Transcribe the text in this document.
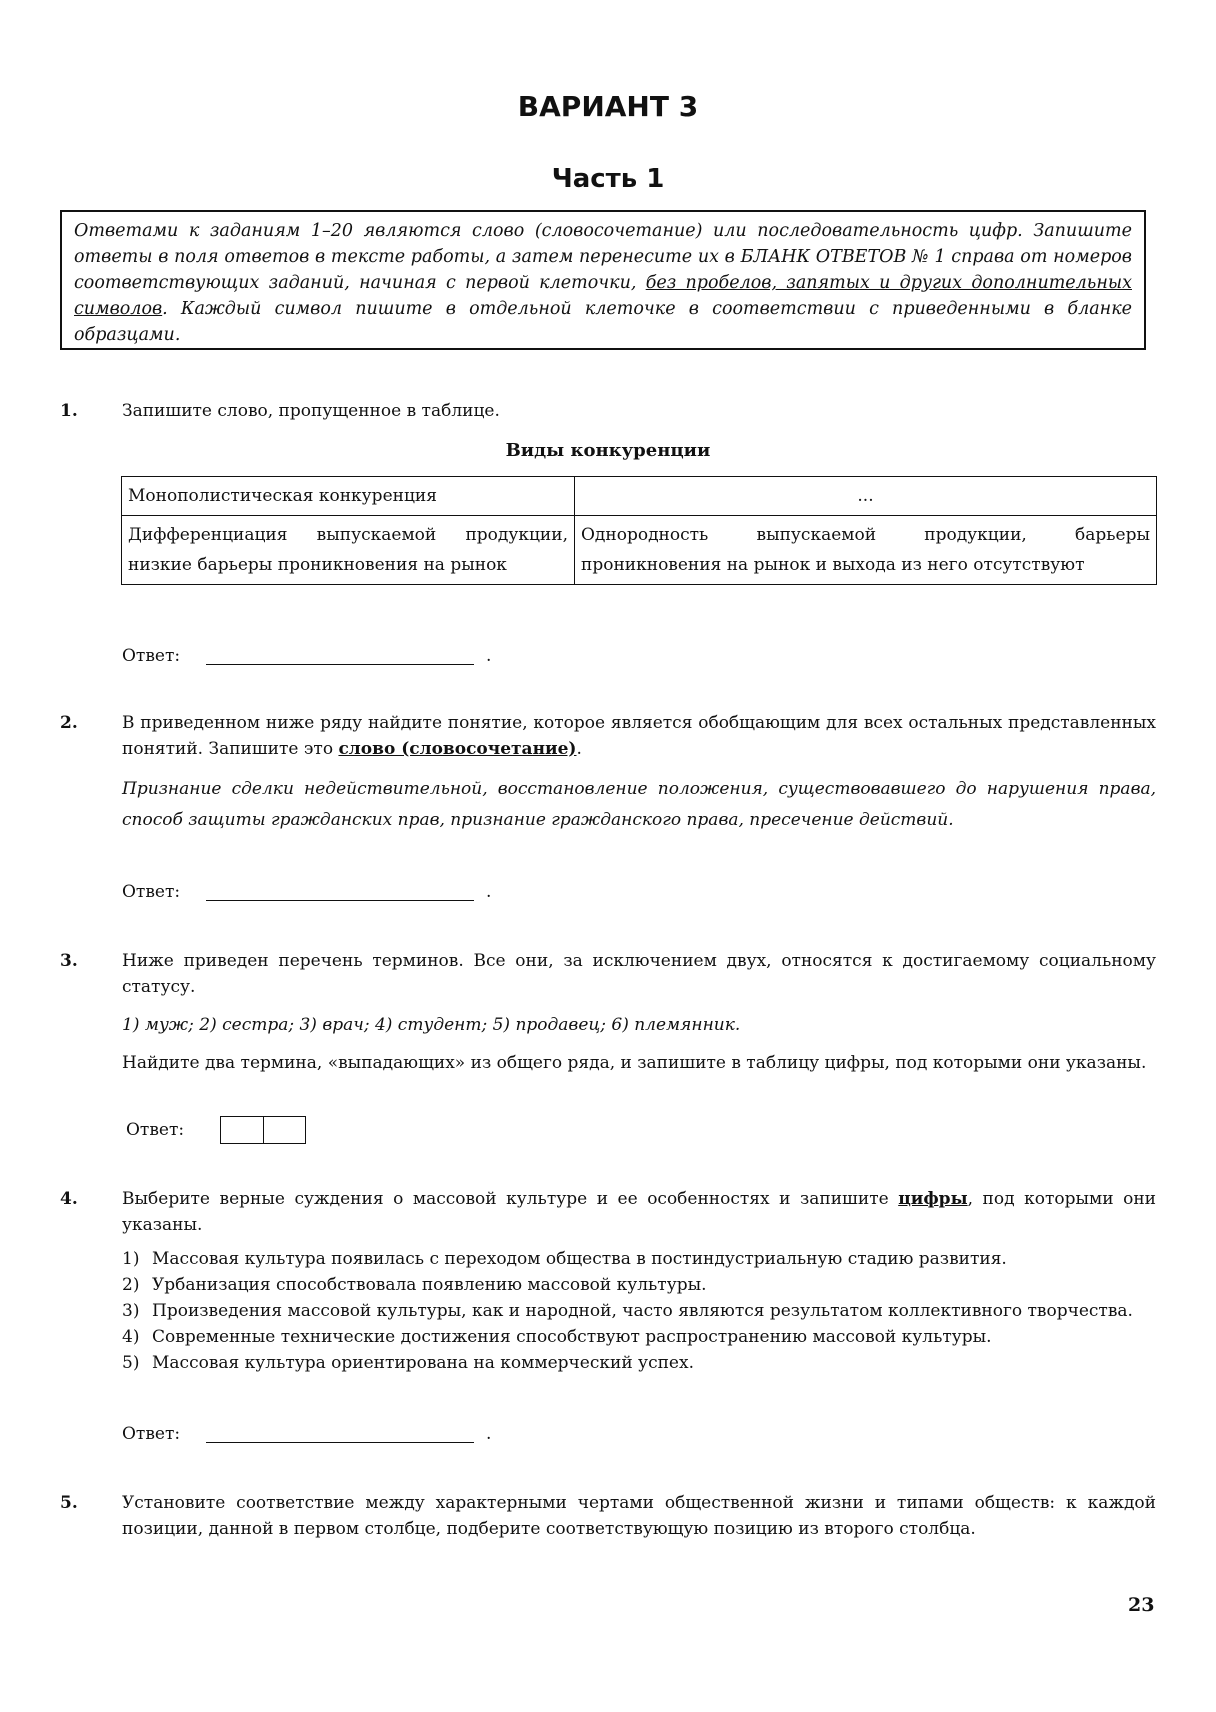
ВАРИАНТ 3
Часть 1
Ответами к заданиям 1–20 являются слово (словосочетание) или последовательность цифр. Запишите ответы в поля ответов в тексте работы, а затем перенесите их в БЛАНК ОТВЕТОВ № 1 справа от номеров соответствующих заданий, начиная с первой клеточки, без пробелов, запятых и других дополнительных символов. Каждый символ пишите в отдельной клеточке в соответствии с приведенными в бланке образцами.
1.	Запишите слово, пропущенное в таблице.
Виды конкуренции
Монополистическая конкуренция	...
Дифференциация выпускаемой продукции, низкие барьеры проникновения на рынок	Однородность выпускаемой продукции, барьеры проникновения на рынок и выхода из него отсутствуют
Ответ:	.
2.	В приведенном ниже ряду найдите понятие, которое является обобщающим для всех остальных представленных понятий. Запишите это слово (словосочетание).
Признание сделки недействительной, восстановление положения, существовавшего до нарушения права, способ защиты гражданских прав, признание гражданского права, пресечение действий.
Ответ:	.
3.	Ниже приведен перечень терминов. Все они, за исключением двух, относятся к достигаемому социальному статусу.
1) муж; 2) сестра; 3) врач; 4) студент; 5) продавец; 6) племянник.
Найдите два термина, «выпадающих» из общего ряда, и запишите в таблицу цифры, под которыми они указаны.
Ответ:
4.	Выберите верные суждения о массовой культуре и ее особенностях и запишите цифры, под которыми они указаны.
1) Массовая культура появилась с переходом общества в постиндустриальную стадию развития.
2) Урбанизация способствовала появлению массовой культуры.
3) Произведения массовой культуры, как и народной, часто являются результатом коллективного творчества.
4) Современные технические достижения способствуют распространению массовой культуры.
5) Массовая культура ориентирована на коммерческий успех.
Ответ:	.
5.	Установите соответствие между характерными чертами общественной жизни и типами обществ: к каждой позиции, данной в первом столбце, подберите соответствующую позицию из второго столбца.
23
